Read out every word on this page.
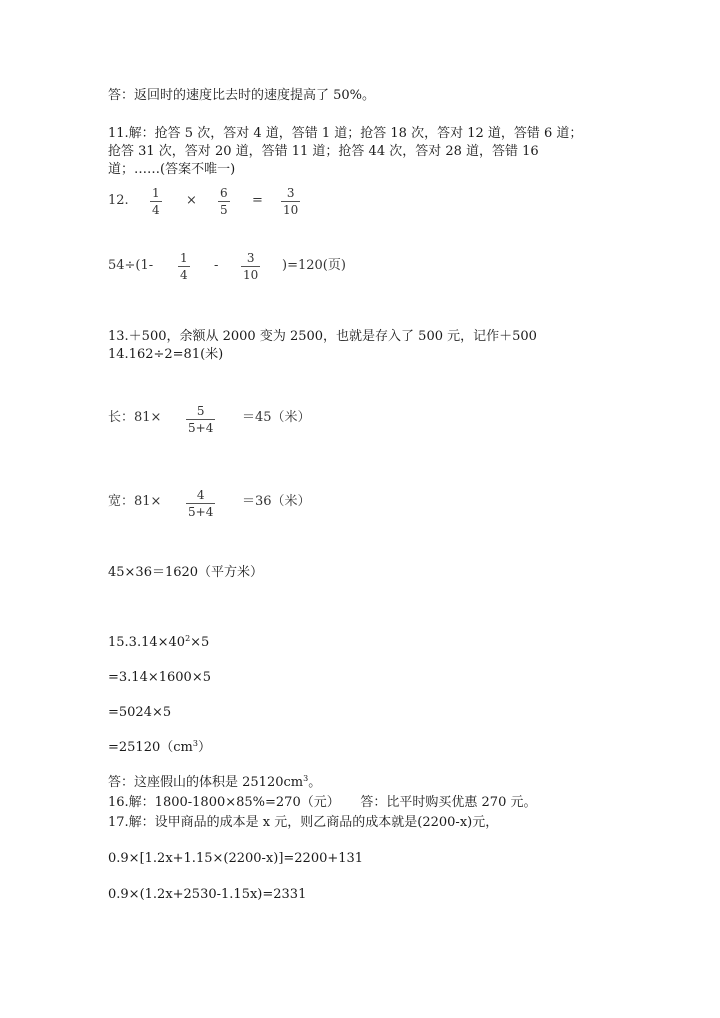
答：返回时的速度比去时的速度提高了 50%。
11.解：抢答 5 次，答对 4 道，答错 1 道；抢答 18 次，答对 12 道，答错 6 道；
抢答 31 次，答对 20 道，答错 11 道；抢答 44 次，答对 28 道，答错 16
道；……(答案不唯一)
12. 1
4
× 6
5
= 3
10
54÷(1- 1
4
- 3
10
)=120(页)
13.＋500，余额从 2000 变为 2500，也就是存入了 500 元，记作＋500
14.162÷2=81(米)
长：81×	5
5+4
＝45（米）
宽：81×	4
5+4
＝36（米）
45×36＝1620（平方米）
$15.3.14\times 40^2\times 5$
=3.14×1600×5
=5024×5
$=25120(cm^3)$
答：这座假山的体积是 $25120cm^3$。
16.解：1800-1800×85%=270（元）     答：比平时购买优惠 270 元。
17.解：设甲商品的成本是 x 元，则乙商品的成本就是(2200-x)元，
0.9×[1.2x+1.15×(2200-x)]=2200+131
0.9×(1.2x+2530-1.15x)=2331
